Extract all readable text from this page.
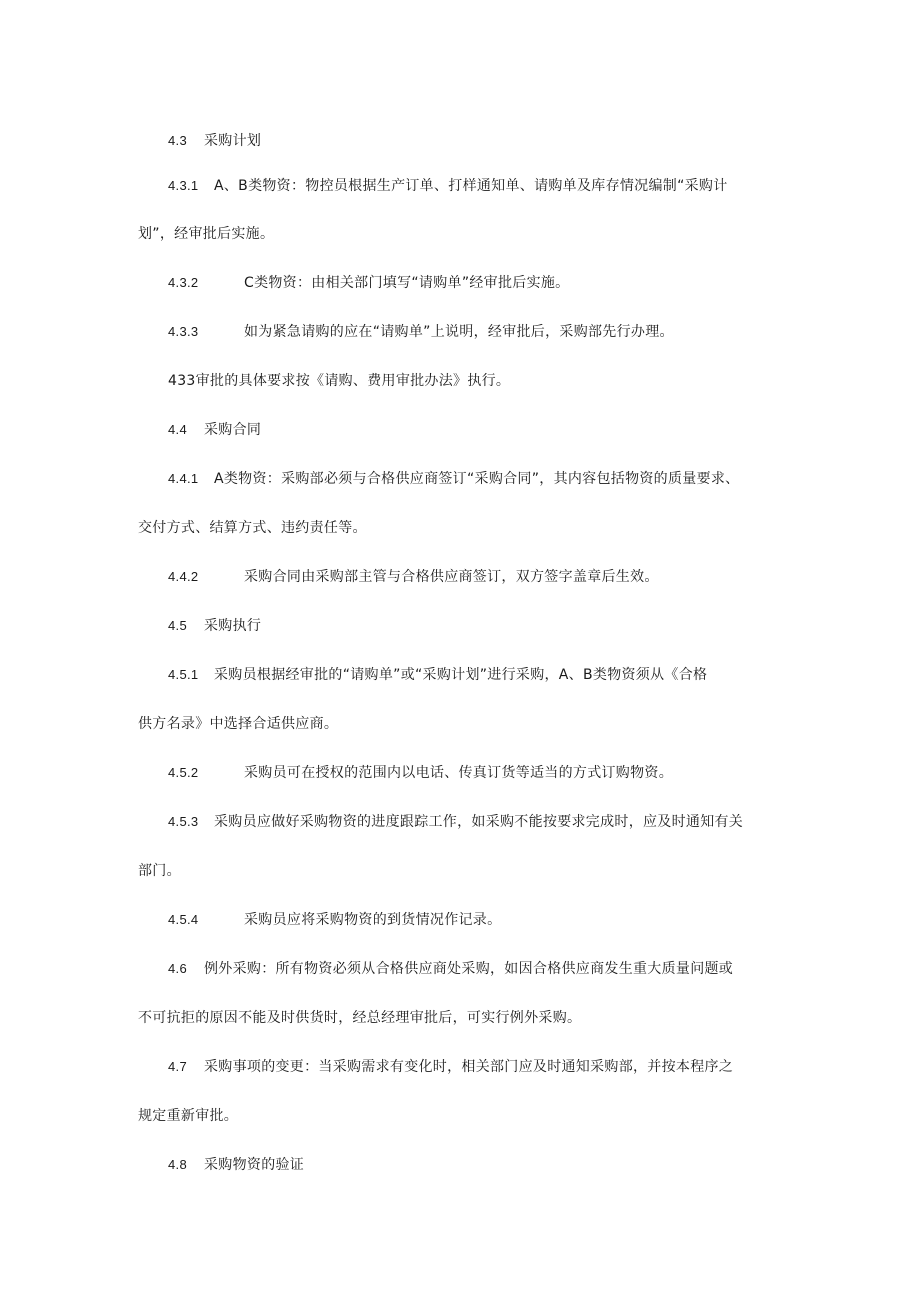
4.3 采购计划
4.3.1 A、B类物资：物控员根据生产订单、打样通知单、请购单及库存情况编制“采购计
划”，经审批后实施。
4.3.2	C类物资：由相关部门填写“请购单”经审批后实施。
4.3.3	如为紧急请购的应在“请购单”上说明，经审批后，采购部先行办理。
433审批的具体要求按《请购、费用审批办法》执行。
4.4 采购合同
4.4.1 A类物资：采购部必须与合格供应商签订“采购合同”，其内容包括物资的质量要求、
交付方式、结算方式、违约责任等。
4.4.2	采购合同由采购部主管与合格供应商签订，双方签字盖章后生效。
4.5 采购执行
4.5.1 采购员根据经审批的“请购单”或“采购计划”进行采购，A、B类物资须从《合格
供方名录》中选择合适供应商。
4.5.2	采购员可在授权的范围内以电话、传真订货等适当的方式订购物资。
4.5.3 采购员应做好采购物资的进度跟踪工作，如采购不能按要求完成时，应及时通知有关
部门。
4.5.4	采购员应将采购物资的到货情况作记录。
4.6 例外采购：所有物资必须从合格供应商处采购，如因合格供应商发生重大质量问题或
不可抗拒的原因不能及时供货时，经总经理审批后，可实行例外采购。
4.7 采购事项的变更：当采购需求有变化时，相关部门应及时通知采购部，并按本程序之
规定重新审批。
4.8 采购物资的验证
